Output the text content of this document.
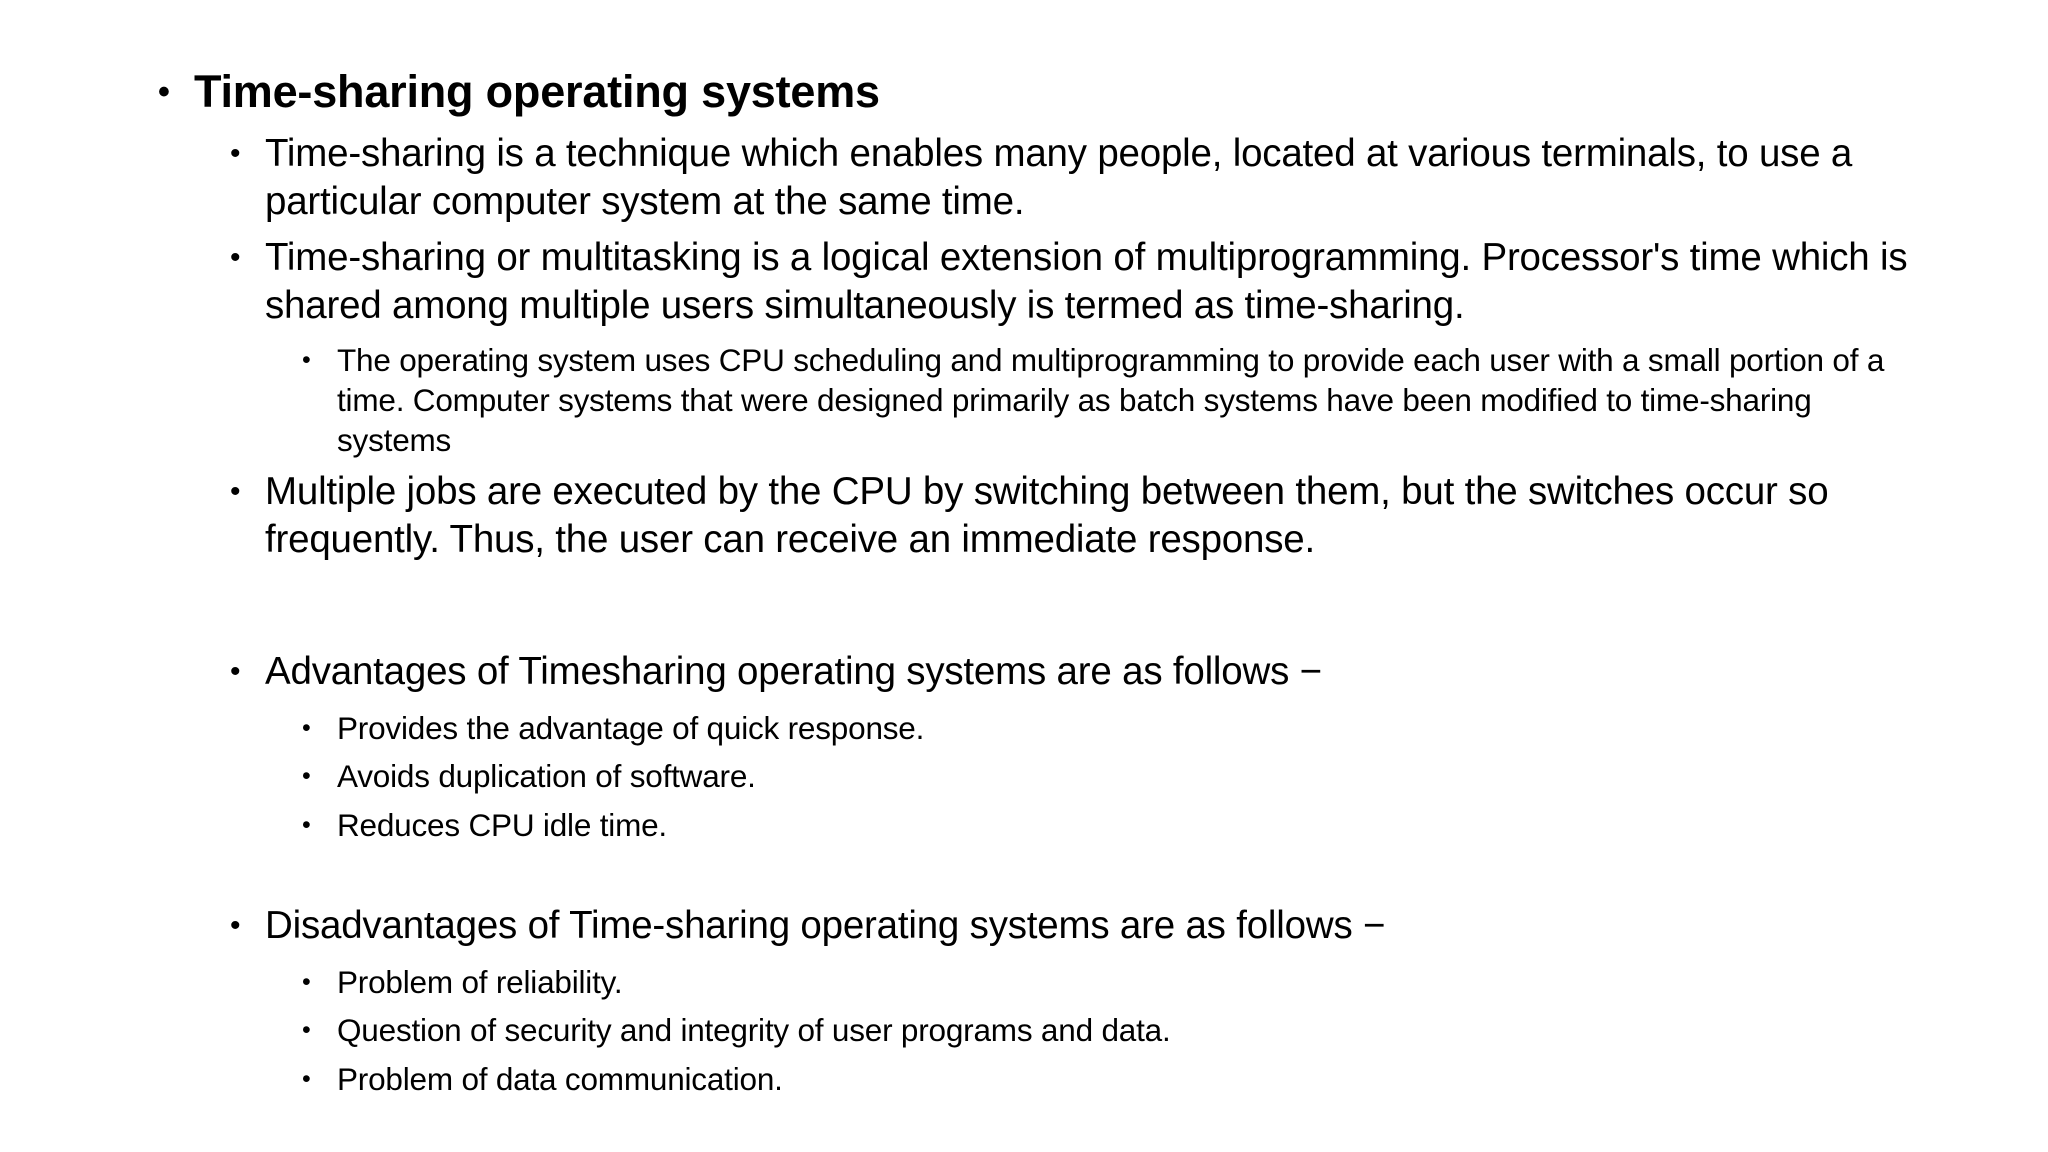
• Time-sharing operating systems
• Time-sharing is a technique which enables many people, located at various terminals, to use a particular computer system at the same time.
• Time-sharing or multitasking is a logical extension of multiprogramming. Processor's time which is shared among multiple users simultaneously is termed as time-sharing.
• The operating system uses CPU scheduling and multiprogramming to provide each user with a small portion of a time. Computer systems that were designed primarily as batch systems have been modified to time-sharing systems
• Multiple jobs are executed by the CPU by switching between them, but the switches occur so frequently. Thus, the user can receive an immediate response.
• Advantages of Timesharing operating systems are as follows −
• Provides the advantage of quick response.
• Avoids duplication of software.
• Reduces CPU idle time.
• Disadvantages of Time-sharing operating systems are as follows −
• Problem of reliability.
• Question of security and integrity of user programs and data.
• Problem of data communication.
